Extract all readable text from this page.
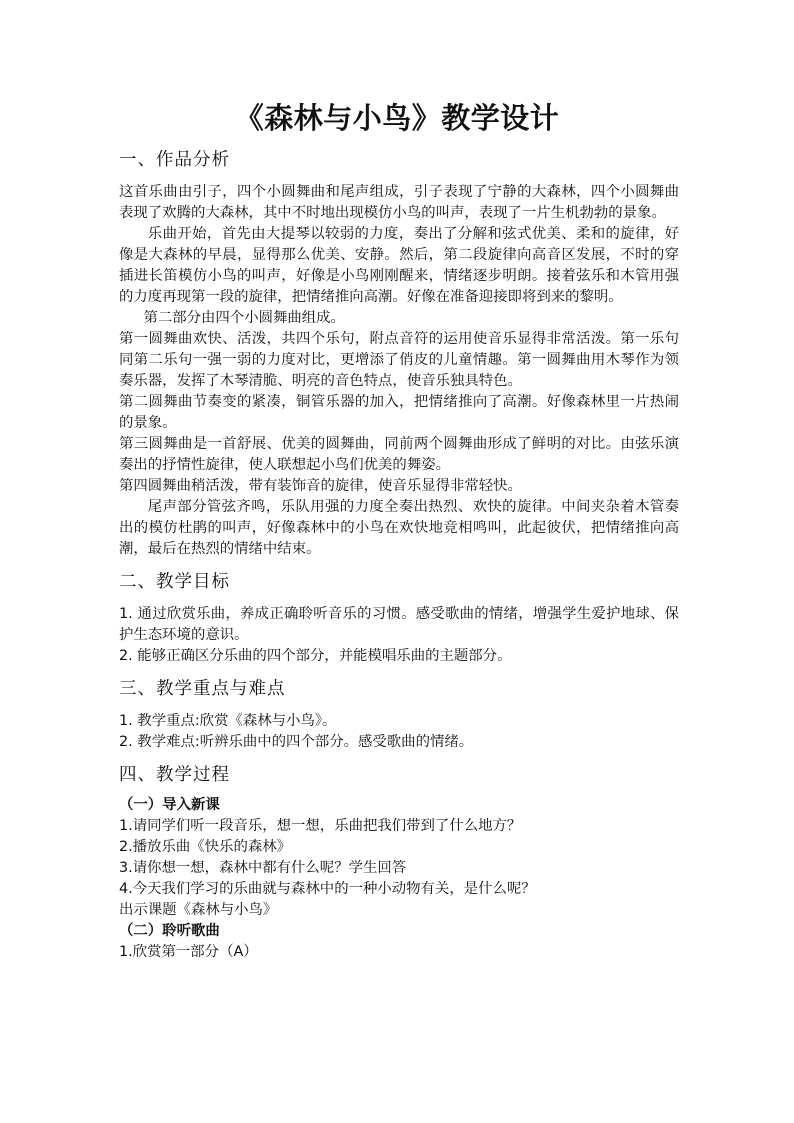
《森林与小鸟》教学设计
一、作品分析

这首乐曲由引子，四个小圆舞曲和尾声组成，引子表现了宁静的大森林，四个小圆舞曲表现了欢腾的大森林，其中不时地出现模仿小鸟的叫声，表现了一片生机勃勃的景象。

乐曲开始，首先由大提琴以较弱的力度，奏出了分解和弦式优美、柔和的旋律，好像是大森林的早晨，显得那么优美、安静。然后，第二段旋律向高音区发展，不时的穿插进长笛模仿小鸟的叫声，好像是小鸟刚刚醒来，情绪逐步明朗。接着弦乐和木管用强的力度再现第一段的旋律，把情绪推向高潮。好像在准备迎接即将到来的黎明。

第二部分由四个小圆舞曲组成。

第一圆舞曲欢快、活泼，共四个乐句，附点音符的运用使音乐显得非常活泼。第一乐句同第二乐句一强一弱的力度对比，更增添了俏皮的儿童情趣。第一圆舞曲用木琴作为领奏乐器，发挥了木琴清脆、明亮的音色特点，使音乐独具特色。

第二圆舞曲节奏变的紧凑，铜管乐器的加入，把情绪推向了高潮。好像森林里一片热闹的景象。

第三圆舞曲是一首舒展、优美的圆舞曲，同前两个圆舞曲形成了鲜明的对比。由弦乐演奏出的抒情性旋律，使人联想起小鸟们优美的舞姿。

第四圆舞曲稍活泼，带有装饰音的旋律，使音乐显得非常轻快。

尾声部分管弦齐鸣，乐队用强的力度全奏出热烈、欢快的旋律。中间夹杂着木管奏出的模仿杜鹃的叫声，好像森林中的小鸟在欢快地竞相鸣叫，此起彼伏，把情绪推向高潮，最后在热烈的情绪中结束。

二、教学目标

1. 通过欣赏乐曲，养成正确聆听音乐的习惯。感受歌曲的情绪，增强学生爱护地球、保护生态环境的意识。

2. 能够正确区分乐曲的四个部分，并能模唱乐曲的主题部分。

三、教学重点与难点

1. 教学重点:欣赏《森林与小鸟》。

2. 教学难点:听辨乐曲中的四个部分。感受歌曲的情绪。

四、教学过程

（一）导入新课

1.请同学们听一段音乐，想一想，乐曲把我们带到了什么地方？

2.播放乐曲《快乐的森林》

3.请你想一想，森林中都有什么呢？学生回答

4.今天我们学习的乐曲就与森林中的一种小动物有关，是什么呢？

出示课题《森林与小鸟》

（二）聆听歌曲

1.欣赏第一部分（A）
